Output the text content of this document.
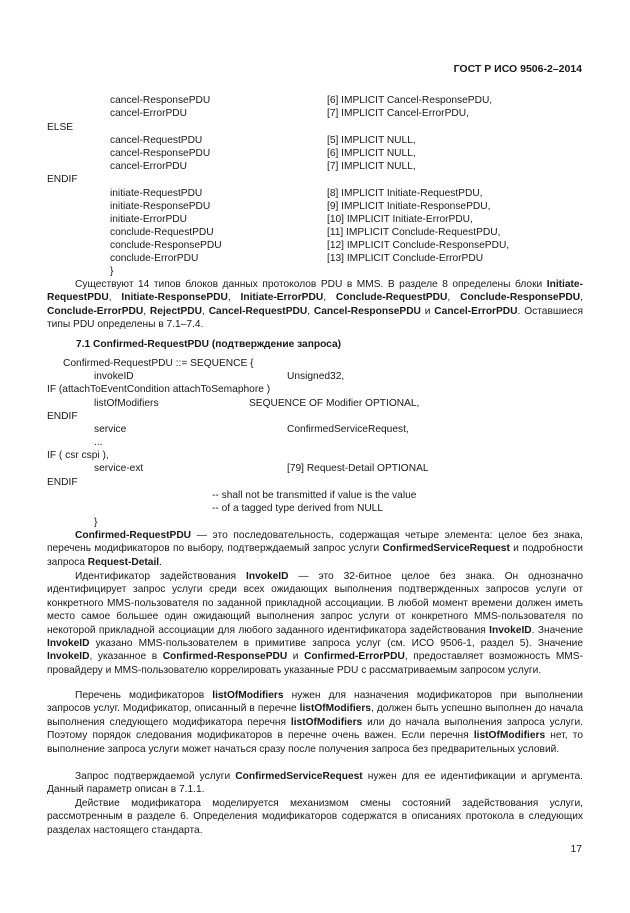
ГОСТ Р ИСО 9506-2–2014
cancel-ResponsePDU	[6] IMPLICIT Cancel-ResponsePDU,
cancel-ErrorPDU	[7] IMPLICIT Cancel-ErrorPDU,
ELSE
cancel-RequestPDU	[5] IMPLICIT NULL,
cancel-ResponsePDU	[6] IMPLICIT NULL,
cancel-ErrorPDU	[7] IMPLICIT NULL,
ENDIF
initiate-RequestPDU	[8] IMPLICIT Initiate-RequestPDU,
initiate-ResponsePDU	[9] IMPLICIT Initiate-ResponsePDU,
initiate-ErrorPDU	[10] IMPLICIT Initiate-ErrorPDU,
conclude-RequestPDU	[11] IMPLICIT Conclude-RequestPDU,
conclude-ResponsePDU	[12] IMPLICIT Conclude-ResponsePDU,
conclude-ErrorPDU	[13] IMPLICIT Conclude-ErrorPDU
}

Существуют 14 типов блоков данных протоколов PDU в MMS. В разделе 8 определены блоки Initiate-RequestPDU, Initiate-ResponsePDU, Initiate-ErrorPDU, Conclude-RequestPDU, Conclude-ResponsePDU, Conclude-ErrorPDU, RejectPDU, Cancel-RequestPDU, Cancel-ResponsePDU и Cancel-ErrorPDU. Оставшиеся типы PDU определены в 7.1–7.4.

7.1 Confirmed-RequestPDU (подтверждение запроса)
Confirmed-RequestPDU ::= SEQUENCE {
invokeID	Unsigned32,
IF (attachToEventCondition attachToSemaphore )
listOfModifiers	SEQUENCE OF Modifier OPTIONAL,
ENDIF
service	ConfirmedServiceRequest,
...
IF ( csr cspi ),
service-ext	[79] Request-Detail OPTIONAL
ENDIF
-- shall not be transmitted if value is the value
-- of a tagged type derived from NULL
}

Confirmed-RequestPDU — это последовательность, содержащая четыре элемента: целое без знака, перечень модификаторов по выбору, подтверждаемый запрос услуги ConfirmedServiceRequest и подробности запроса Request-Detail.

Идентификатор задействования InvokeID — это 32-битное целое без знака. Он однозначно идентифицирует запрос услуги среди всех ожидающих выполнения подтвержденных запросов услуги от конкретного MMS-пользователя по заданной прикладной ассоциации. В любой момент времени должен иметь место самое большее один ожидающий выполнения запрос услуги от конкретного MMS-пользователя по некоторой прикладной ассоциации для любого заданного идентификатора задействования InvokeID. Значение InvokeID указано MMS-пользователем в примитиве запроса услуг (см. ИСО 9506-1, раздел 5). Значение InvokeID, указанное в Confirmed-ResponsePDU и Confirmed-ErrorPDU, предоставляет возможность MMS-провайдеру и MMS-пользователю коррелировать указанные PDU с рассматриваемым запросом услуги.

Перечень модификаторов listOfModifiers нужен для назначения модификаторов при выполнении запросов услуг. Модификатор, описанный в перечне listOfModifiers, должен быть успешно выполнен до начала выполнения следующего модификатора перечня listOfModifiers или до начала выполнения запроса услуги. Поэтому порядок следования модификаторов в перечне очень важен. Если перечня listOfModifiers нет, то выполнение запроса услуги может начаться сразу после получения запроса без предварительных условий.

Запрос подтверждаемой услуги ConfirmedServiceRequest нужен для ее идентификации и аргумента. Данный параметр описан в 7.1.1.

Действие модификатора моделируется механизмом смены состояний задействования услуги, рассмотренным в разделе 6. Определения модификаторов содержатся в описаниях протокола в следующих разделах настоящего стандарта.

17
